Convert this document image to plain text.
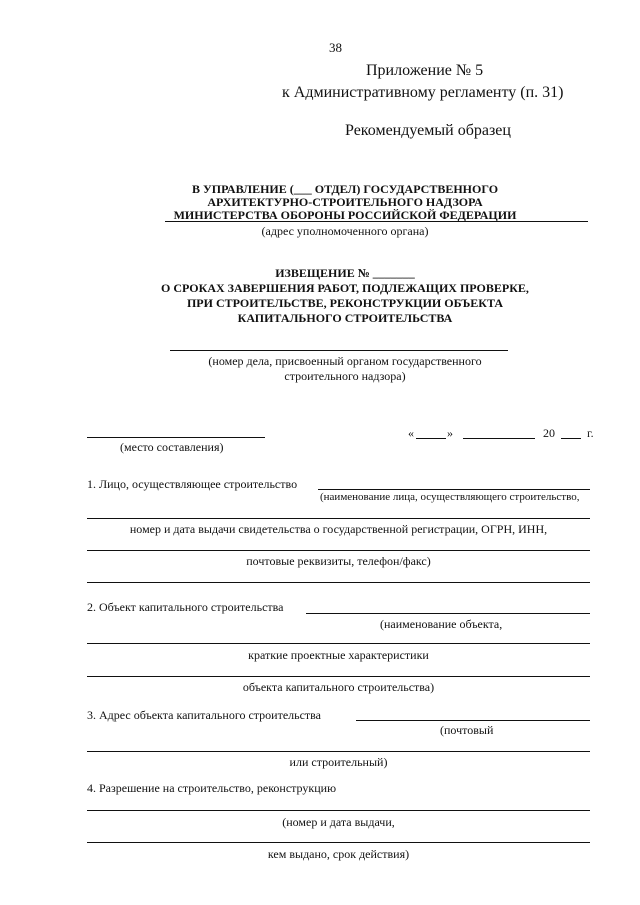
38
Приложение № 5
к Административному регламенту (п. 31)
Рекомендуемый образец
В УПРАВЛЕНИЕ (___ ОТДЕЛ) ГОСУДАРСТВЕННОГО
АРХИТЕКТУРНО-СТРОИТЕЛЬНОГО НАДЗОРА
МИНИСТЕРСТВА ОБОРОНЫ РОССИЙСКОЙ ФЕДЕРАЦИИ
(адрес уполномоченного органа)
ИЗВЕЩЕНИЕ № _______
О СРОКАХ ЗАВЕРШЕНИЯ РАБОТ, ПОДЛЕЖАЩИХ ПРОВЕРКЕ,
ПРИ СТРОИТЕЛЬСТВЕ, РЕКОНСТРУКЦИИ ОБЪЕКТА
КАПИТАЛЬНОГО СТРОИТЕЛЬСТВА
(номер дела, присвоенный органом государственного
строительного надзора)
(место составления)
«	»	20	г.
1. Лицо, осуществляющее строительство
(наименование лица, осуществляющего строительство,
номер и дата выдачи свидетельства о государственной регистрации, ОГРН, ИНН,
почтовые реквизиты, телефон/факс)
2. Объект капитального строительства
(наименование объекта,
краткие проектные характеристики
объекта капитального строительства)
3. Адрес объекта капитального строительства
(почтовый
или строительный)
4. Разрешение на строительство, реконструкцию
(номер и дата выдачи,
кем выдано, срок действия)
